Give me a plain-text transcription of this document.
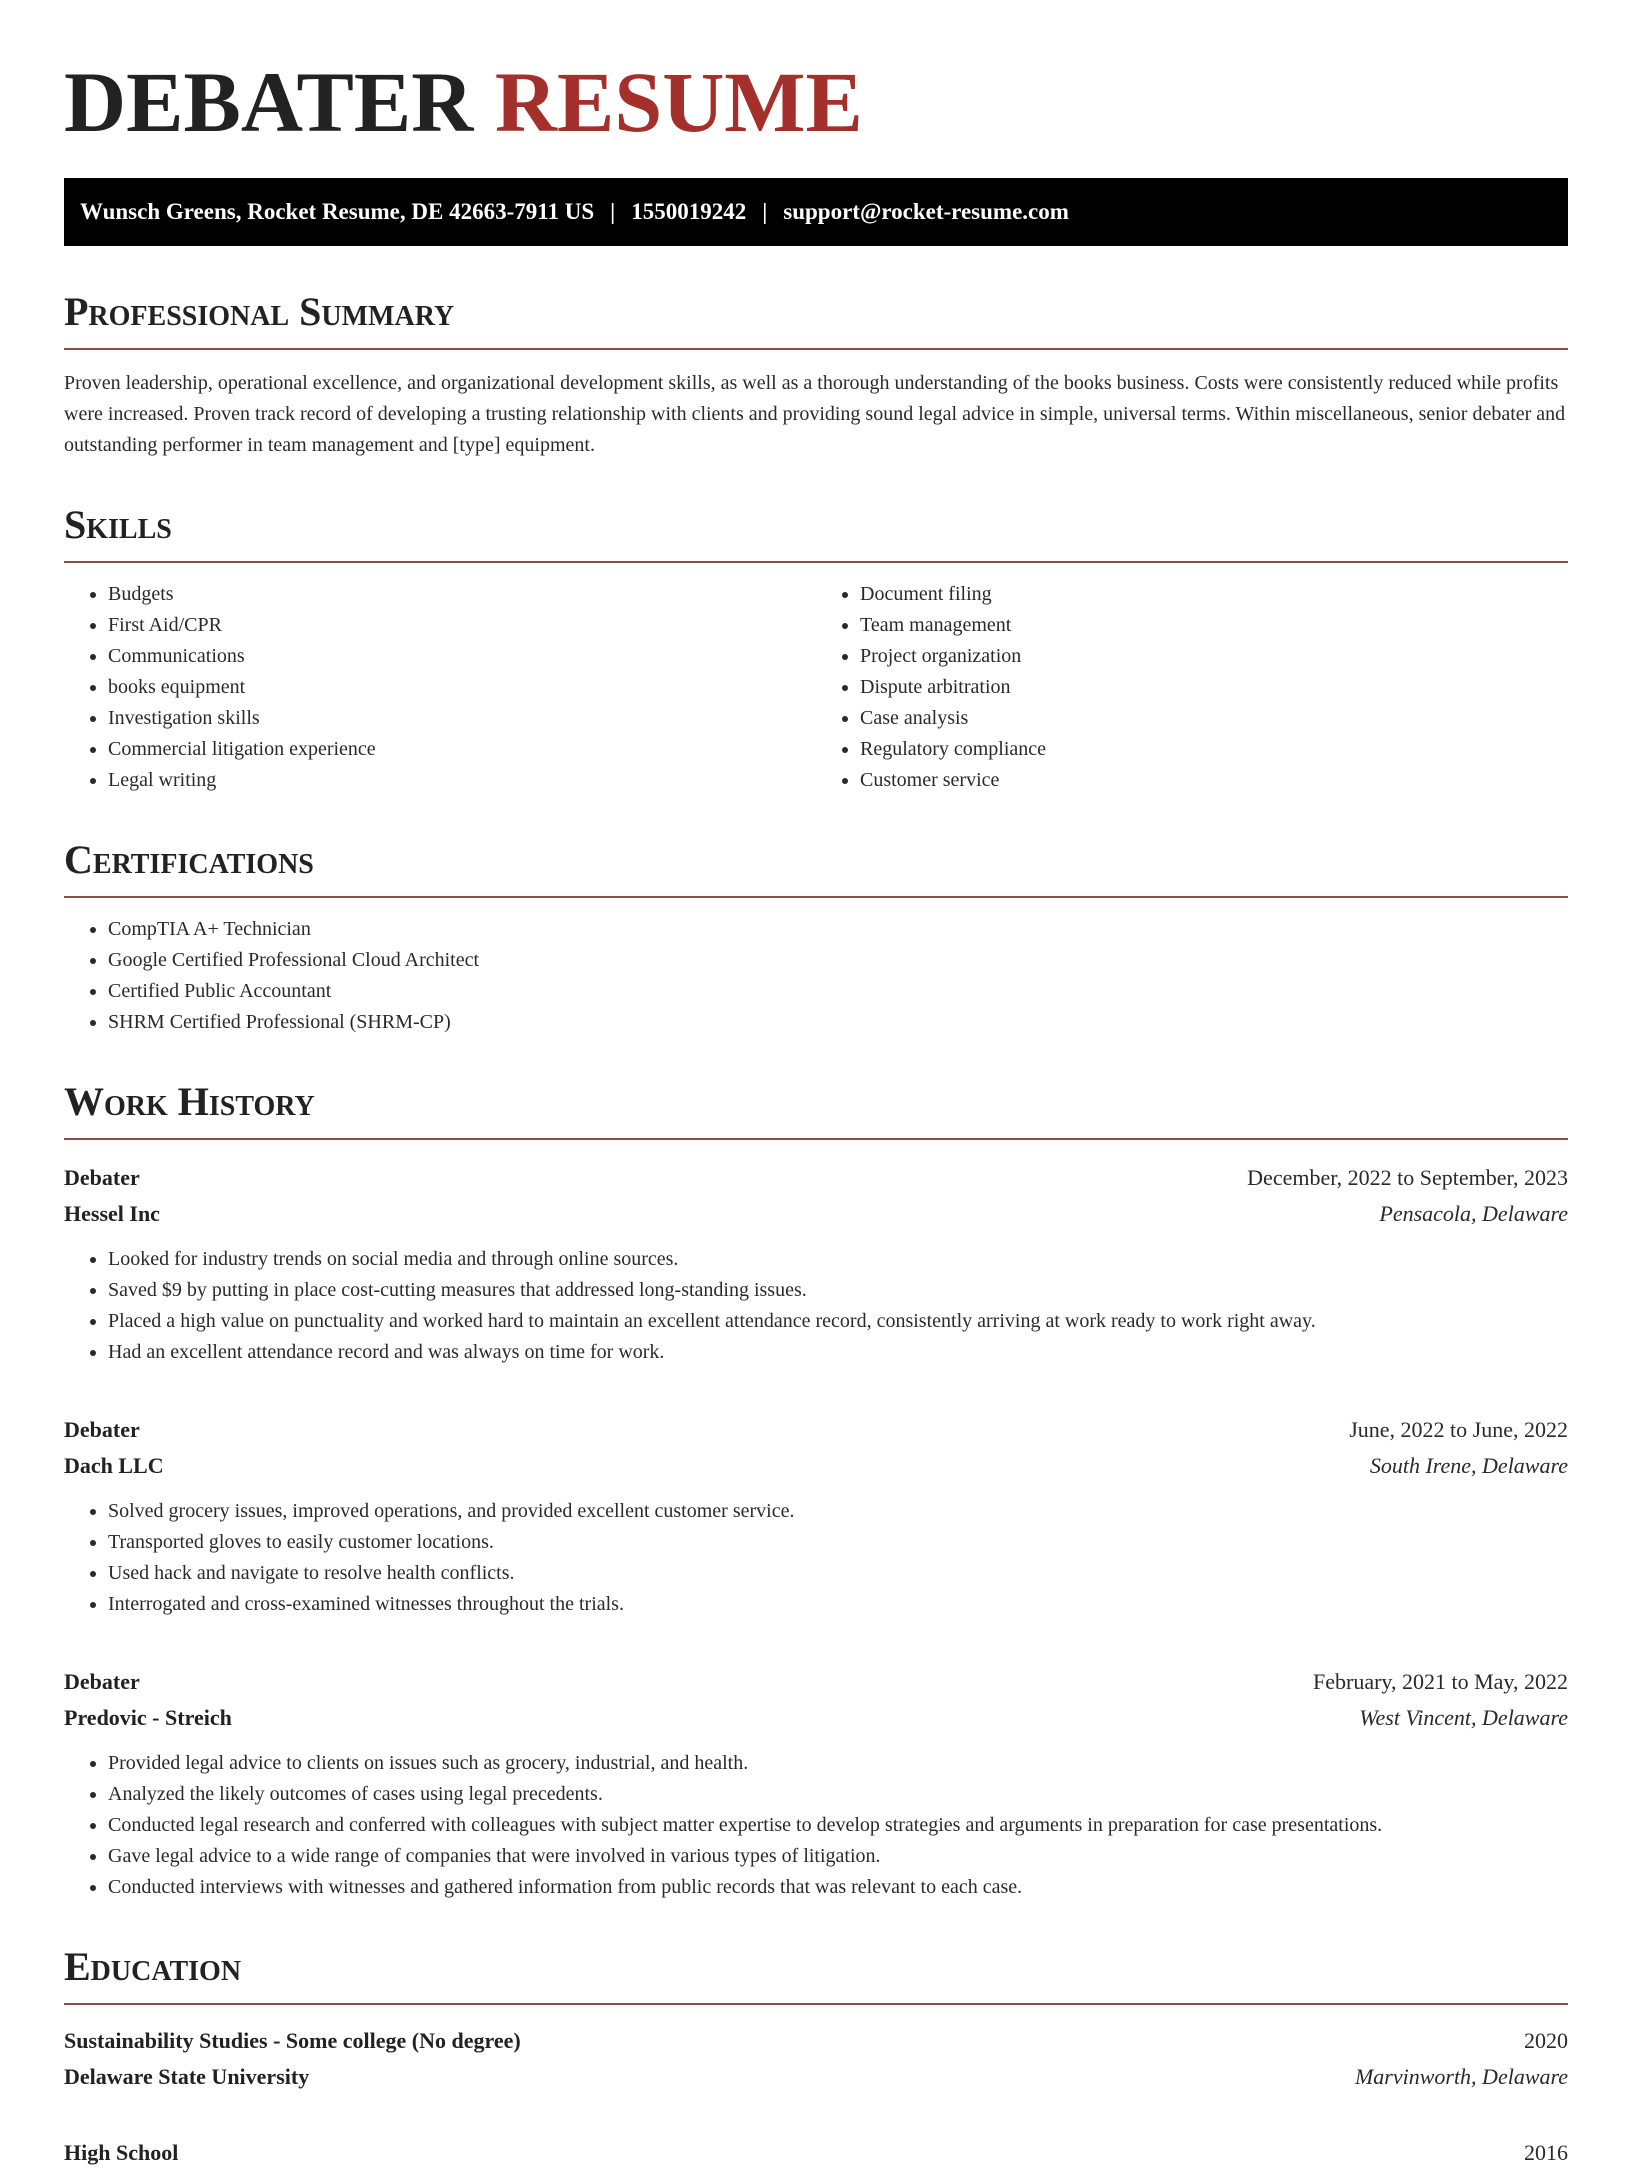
DEBATER RESUME
Wunsch Greens, Rocket Resume, DE 42663-7911 US | 1550019242 | support@rocket-resume.com
Professional Summary

Proven leadership, operational excellence, and organizational development skills, as well as a thorough understanding of the books business. Costs were consistently reduced while profits were increased. Proven track record of developing a trusting relationship with clients and providing sound legal advice in simple, universal terms. Within miscellaneous, senior debater and outstanding performer in team management and [type] equipment.

Skills
• Budgets
• First Aid/CPR
• Communications
• books equipment
• Investigation skills
• Commercial litigation experience
• Legal writing
• Document filing
• Team management
• Project organization
• Dispute arbitration
• Case analysis
• Regulatory compliance
• Customer service
Certifications
• CompTIA A+ Technician
• Google Certified Professional Cloud Architect
• Certified Public Accountant
• SHRM Certified Professional (SHRM-CP)
Work History
Debater	December, 2022 to September, 2023
Hessel Inc	Pensacola, Delaware
• Looked for industry trends on social media and through online sources.
• Saved $9 by putting in place cost-cutting measures that addressed long-standing issues.
• Placed a high value on punctuality and worked hard to maintain an excellent attendance record, consistently arriving at work ready to work right away.
• Had an excellent attendance record and was always on time for work.
Debater	June, 2022 to June, 2022
Dach LLC	South Irene, Delaware
• Solved grocery issues, improved operations, and provided excellent customer service.
• Transported gloves to easily customer locations.
• Used hack and navigate to resolve health conflicts.
• Interrogated and cross-examined witnesses throughout the trials.
Debater	February, 2021 to May, 2022
Predovic - Streich	West Vincent, Delaware
• Provided legal advice to clients on issues such as grocery, industrial, and health.
• Analyzed the likely outcomes of cases using legal precedents.
• Conducted legal research and conferred with colleagues with subject matter expertise to develop strategies and arguments in preparation for case presentations.
• Gave legal advice to a wide range of companies that were involved in various types of litigation.
• Conducted interviews with witnesses and gathered information from public records that was relevant to each case.
Education
Sustainability Studies - Some college (No degree)	2020
Delaware State University	Marvinworth, Delaware
High School	2016
